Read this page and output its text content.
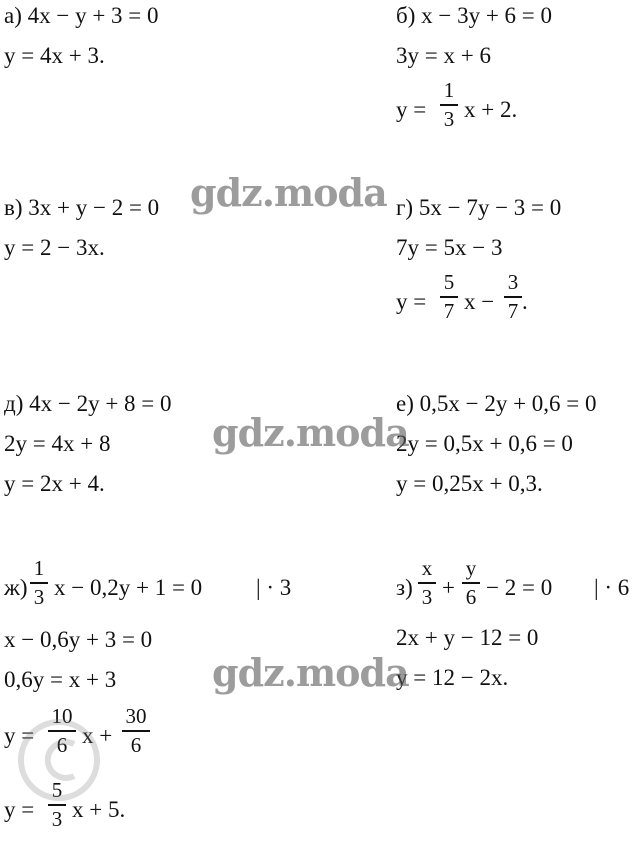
а) 4x − y + 3 = 0
y = 4x + 3.
б) x − 3y + 6 = 0
3y = x + 6
y =
1
3 x + 2.
в) 3x + y − 2 = 0
y = 2 − 3x.
г) 5x − 7y − 3 = 0
7y = 5x − 3
y =
5
7 x −
3
7 .
д) 4x − 2y + 8 = 0
2y = 4x + 8
y = 2x + 4.
е) 0,5x − 2y + 0,6 = 0
2y = 0,5x + 0,6 = 0
y = 0,25x + 0,3.
ж)
1
3 x − 0,2y + 1 = 0 | · 3
x − 0,6y + 3 = 0
0,6y = x + 3
y =
10
6 x +
30
6
y =
5
3 x + 5.
з)
x
3 +
y
6 − 2 = 0 | · 6
2x + y − 12 = 0
y = 12 − 2x.
gdz.moda
gdz.moda
gdz.moda
